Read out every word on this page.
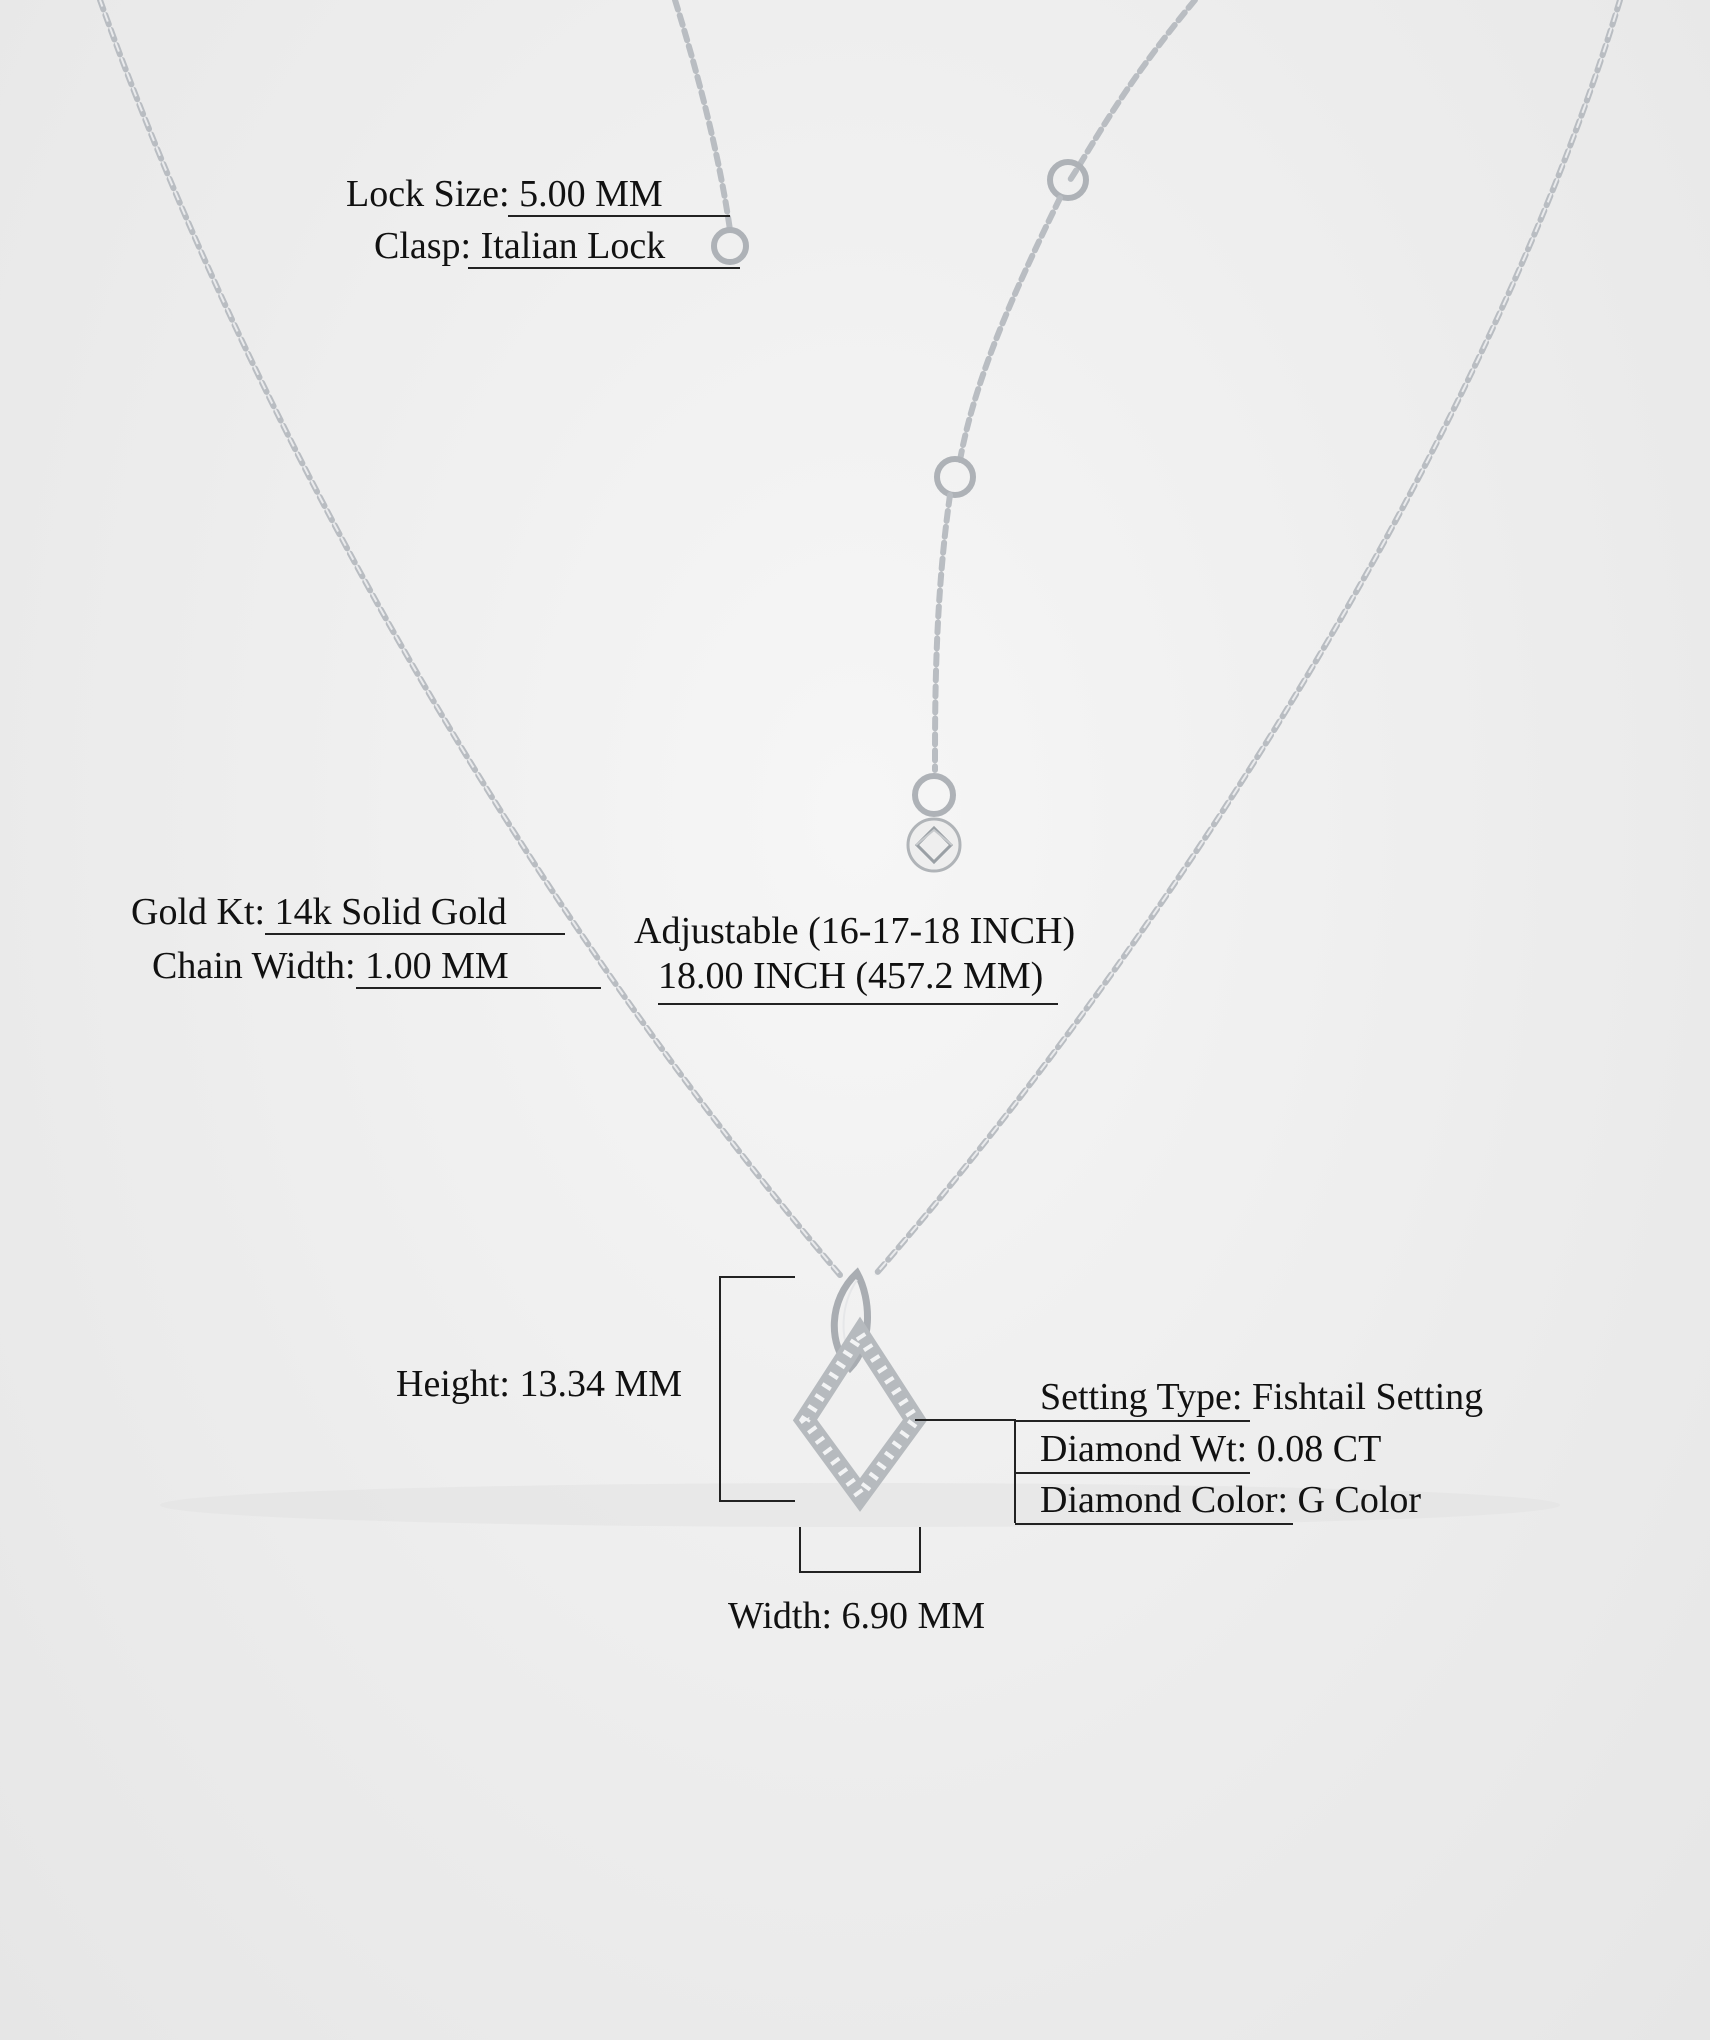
Lock Size: 5.00 MM
Clasp: Italian Lock
Gold Kt: 14k Solid Gold
Chain Width: 1.00 MM
Adjustable (16-17-18 INCH)
18.00 INCH (457.2 MM)
Height: 13.34 MM
Width: 6.90 MM
Setting Type: Fishtail Setting
Diamond Wt: 0.08 CT
Diamond Color: G Color
